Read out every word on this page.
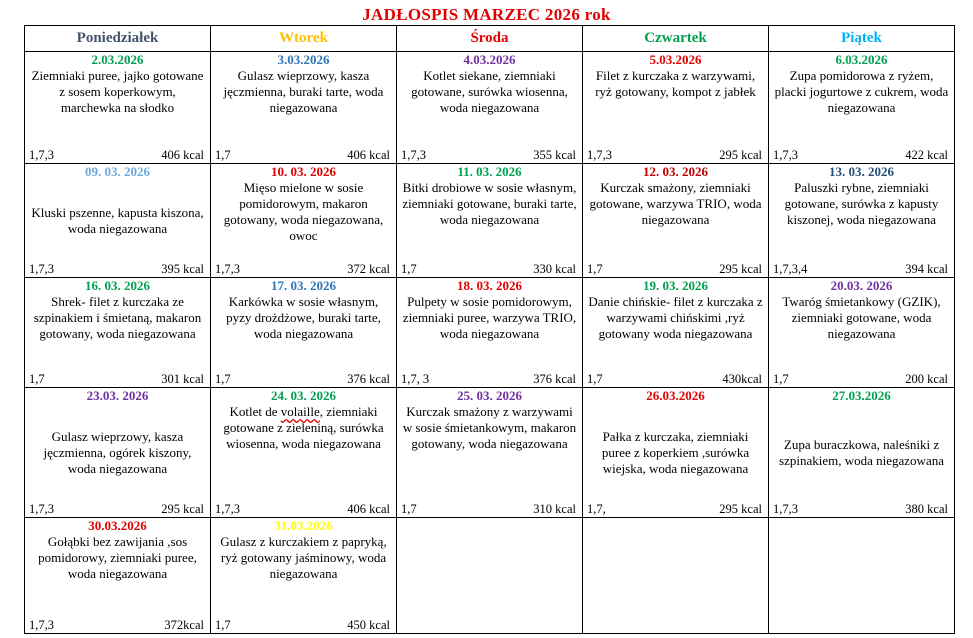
JADŁOSPIS MARZEC 2026 rok
Poniedziałek	Wtorek	Środa	Czwartek	Piątek
2.03.2026	3.03.2026	4.03.2026	5.03.2026	6.03.2026

Ziemniaki puree, jajko gotowane z sosem koperkowym, marchewka na słodko	Gulasz wieprzowy, kasza jęczmienna, buraki tarte, woda niegazowana	Kotlet siekane, ziemniaki gotowane, surówka wiosenna, woda niegazowana	Filet z kurczaka z warzywami, ryż gotowany, kompot z jabłek	Zupa pomidorowa z ryżem, placki jogurtowe z cukrem, woda niegazowana

1,7,3 406 kcal	1,7 406 kcal	1,7,3 355 kcal	1,7,3 295 kcal	1,7,3 422 kcal

09. 03. 2026	10. 03. 2026	11. 03. 2026	12. 03. 2026	13. 03. 2026

Kluski pszenne, kapusta kiszona, woda niegazowana	Mięso mielone w sosie pomidorowym, makaron gotowany, woda niegazowana, owoc	Bitki drobiowe w sosie własnym, ziemniaki gotowane, buraki tarte, woda niegazowana	Kurczak smażony, ziemniaki gotowane, warzywa TRIO, woda niegazowana	Paluszki rybne, ziemniaki gotowane, surówka z kapusty kiszonej, woda niegazowana

1,7,3 395 kcal	1,7,3 372 kcal	1,7 330 kcal	1,7 295 kcal	1,7,3,4 394 kcal

16. 03. 2026	17. 03. 2026	18. 03. 2026	19. 03. 2026	20.03. 2026

Shrek- filet z kurczaka ze szpinakiem i śmietaną, makaron gotowany, woda niegazowana	Karkówka w sosie własnym, pyzy drożdżowe, buraki tarte, woda niegazowana	Pulpety w sosie pomidorowym, ziemniaki puree, warzywa TRIO, woda niegazowana	Danie chińskie- filet z kurczaka z warzywami chińskimi ,ryż gotowany woda niegazowana	Twaróg śmietankowy (GZIK), ziemniaki gotowane, woda niegazowana

1,7 301 kcal	1,7 376 kcal	1,7, 3 376 kcal	1,7 430kcal	1,7 200 kcal

23.03. 2026	24. 03. 2026	25. 03. 2026	26.03.2026	27.03.2026

Gulasz wieprzowy, kasza jęczmienna, ogórek kiszony, woda niegazowana	Kotlet de volaille, ziemniaki gotowane z zieleniną, surówka wiosenna, woda niegazowana	Kurczak smażony z warzywami w sosie śmietankowym, makaron gotowany, woda niegazowana	Pałka z kurczaka, ziemniaki puree z koperkiem ,surówka wiejska, woda niegazowana	Zupa buraczkowa, naleśniki z szpinakiem, woda niegazowana

1,7,3 295 kcal	1,7,3 406 kcal	1,7 310 kcal	1,7, 295 kcal	1,7,3 380 kcal

30.03.2026	31.03.2026			

Gołąbki bez zawijania ,sos pomidorowy, ziemniaki puree, woda niegazowana	Gulasz z kurczakiem z papryką, ryż gotowany jaśminowy, woda niegazowana			

1,7,3 372kcal	1,7 450 kcal			
